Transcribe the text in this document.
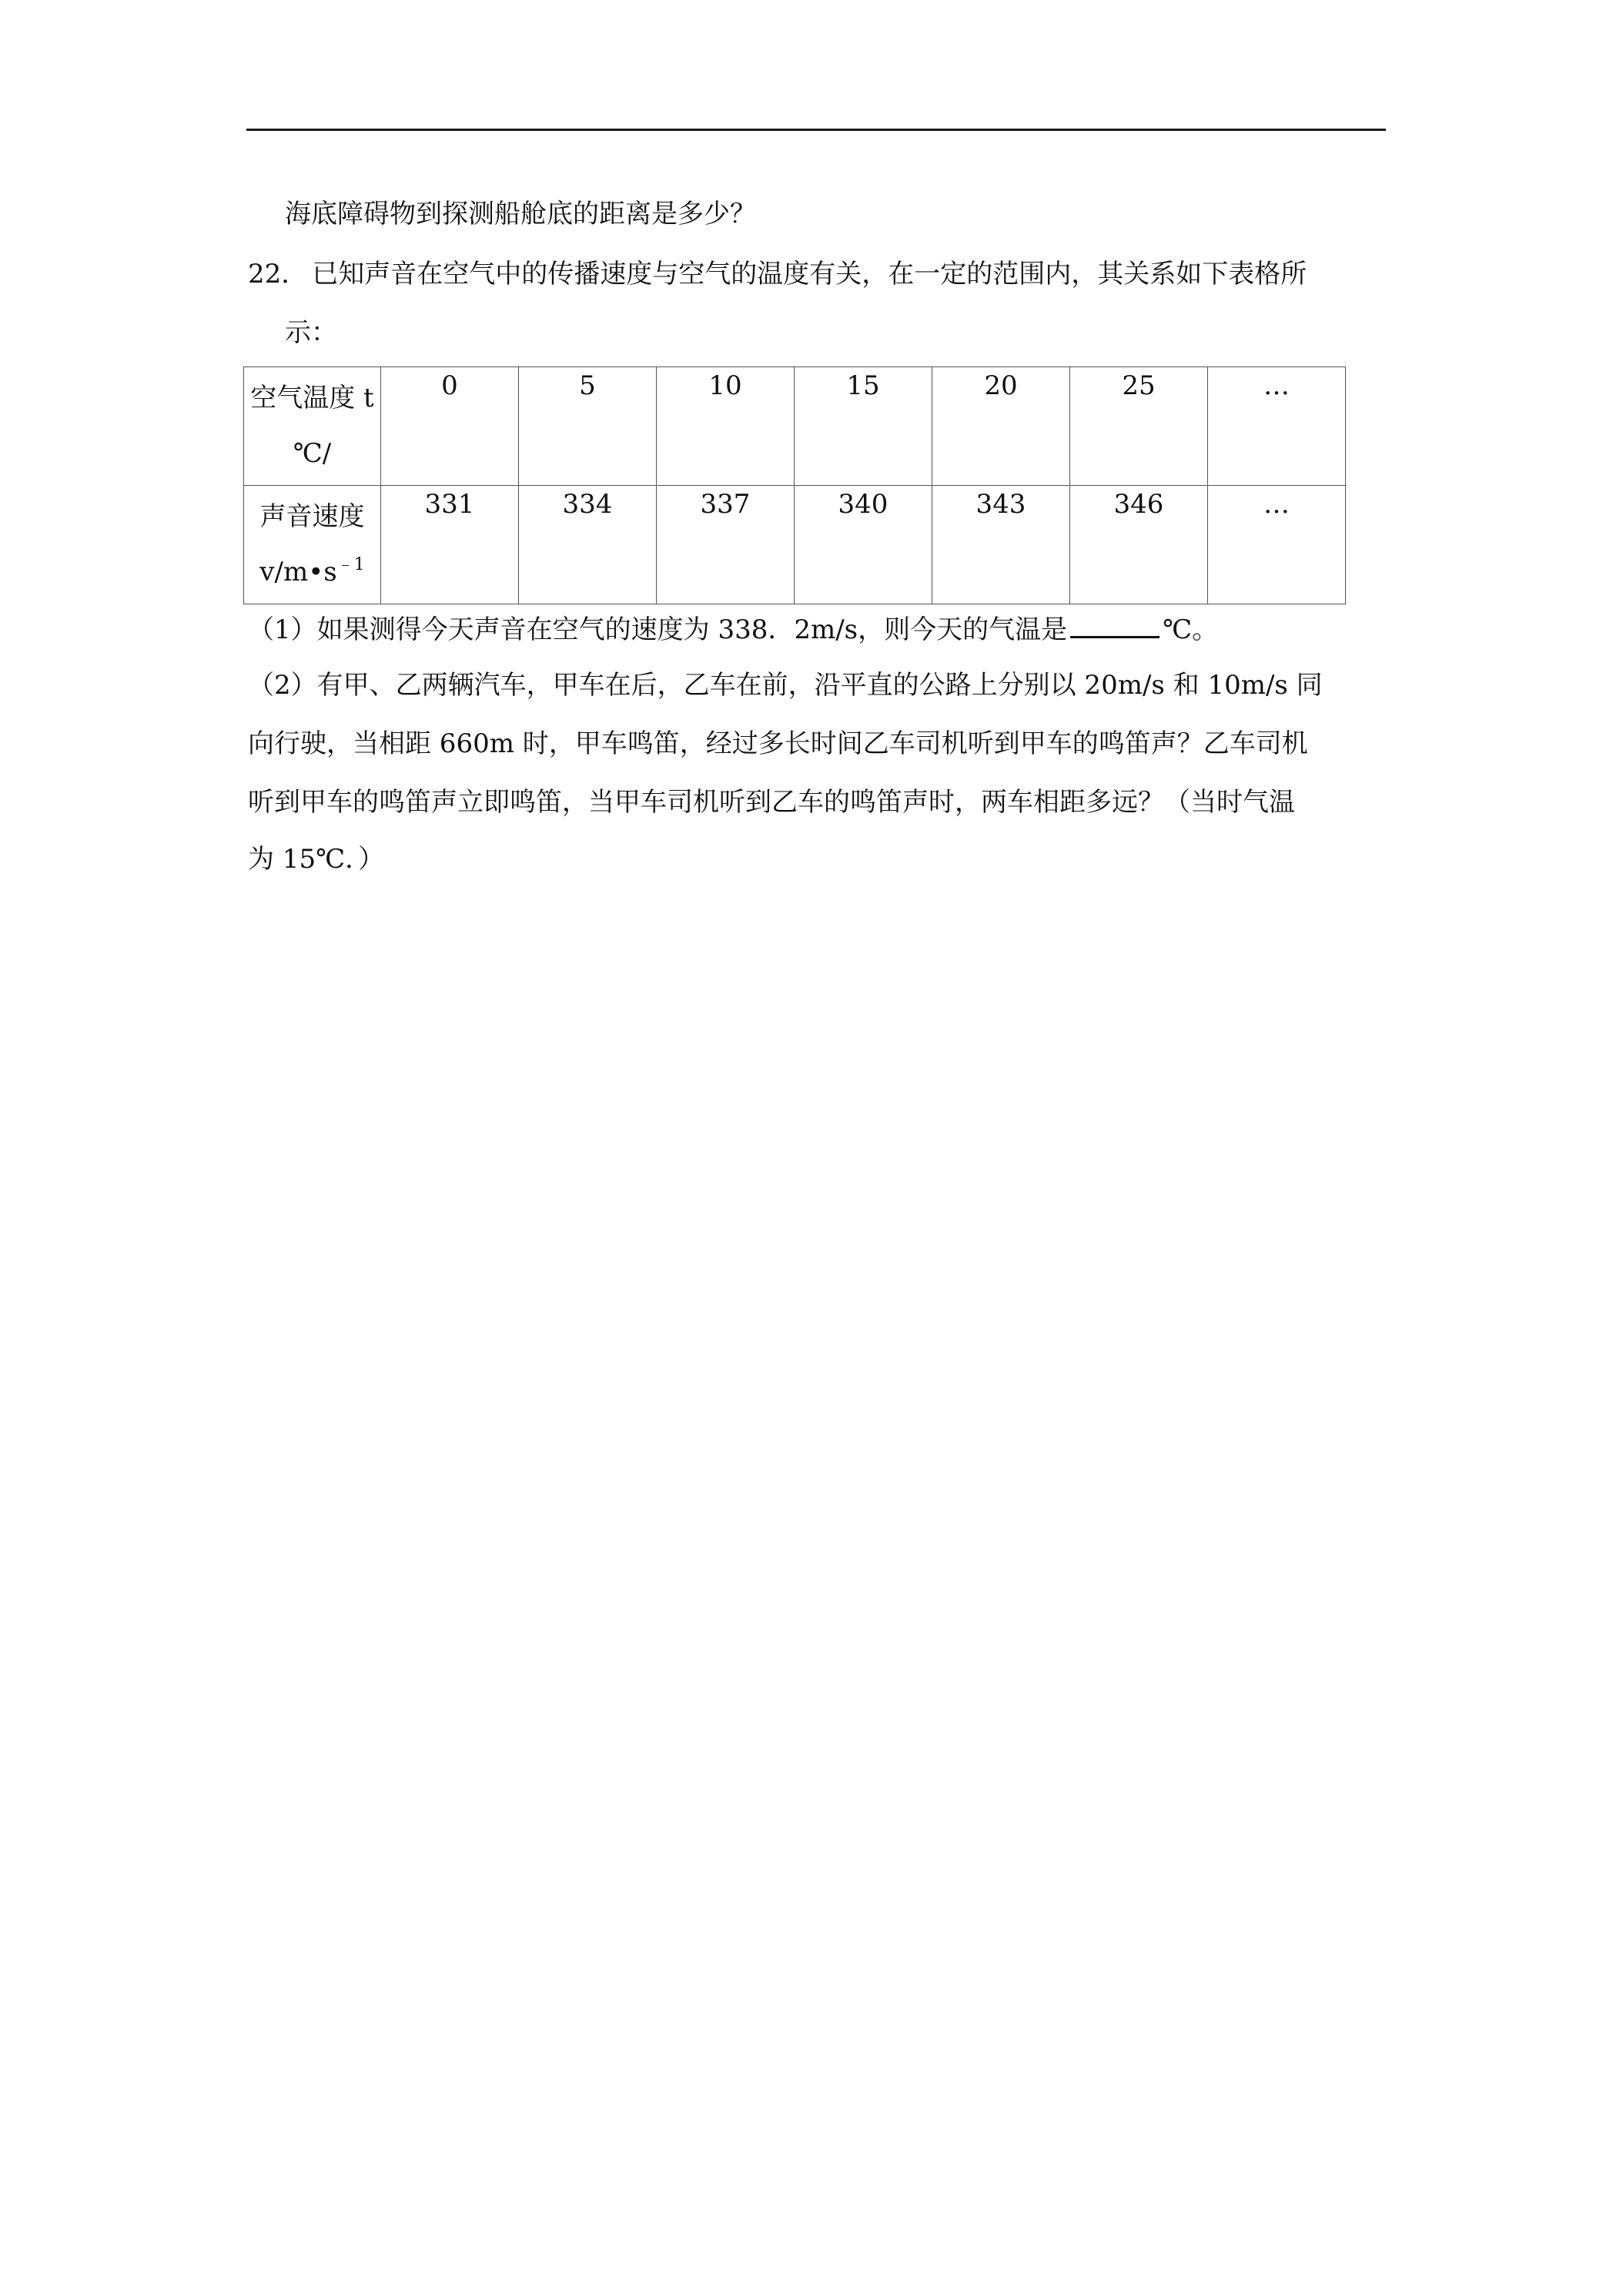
海底障碍物到探测船舱底的距离是多少？
22． 已知声音在空气中的传播速度与空气的温度有关，在一定的范围内，其关系如下表格所
示：
空气温度 t
℃/	0	5	10	15	20	25	…

声音速度
$v/m•s^{﹣1}$	331	334	337	340	343	346	…
（1）如果测得今天声音在空气的速度为 338．2m/s，则今天的气温是	℃。
（2）有甲、乙两辆汽车，甲车在后，乙车在前，沿平直的公路上分别以 20m/s 和 10m/s 同
向行驶，当相距 660m 时，甲车鸣笛，经过多长时间乙车司机听到甲车的鸣笛声？乙车司机
听到甲车的鸣笛声立即鸣笛，当甲车司机听到乙车的鸣笛声时，两车相距多远？（当时气温
为 15℃．）
